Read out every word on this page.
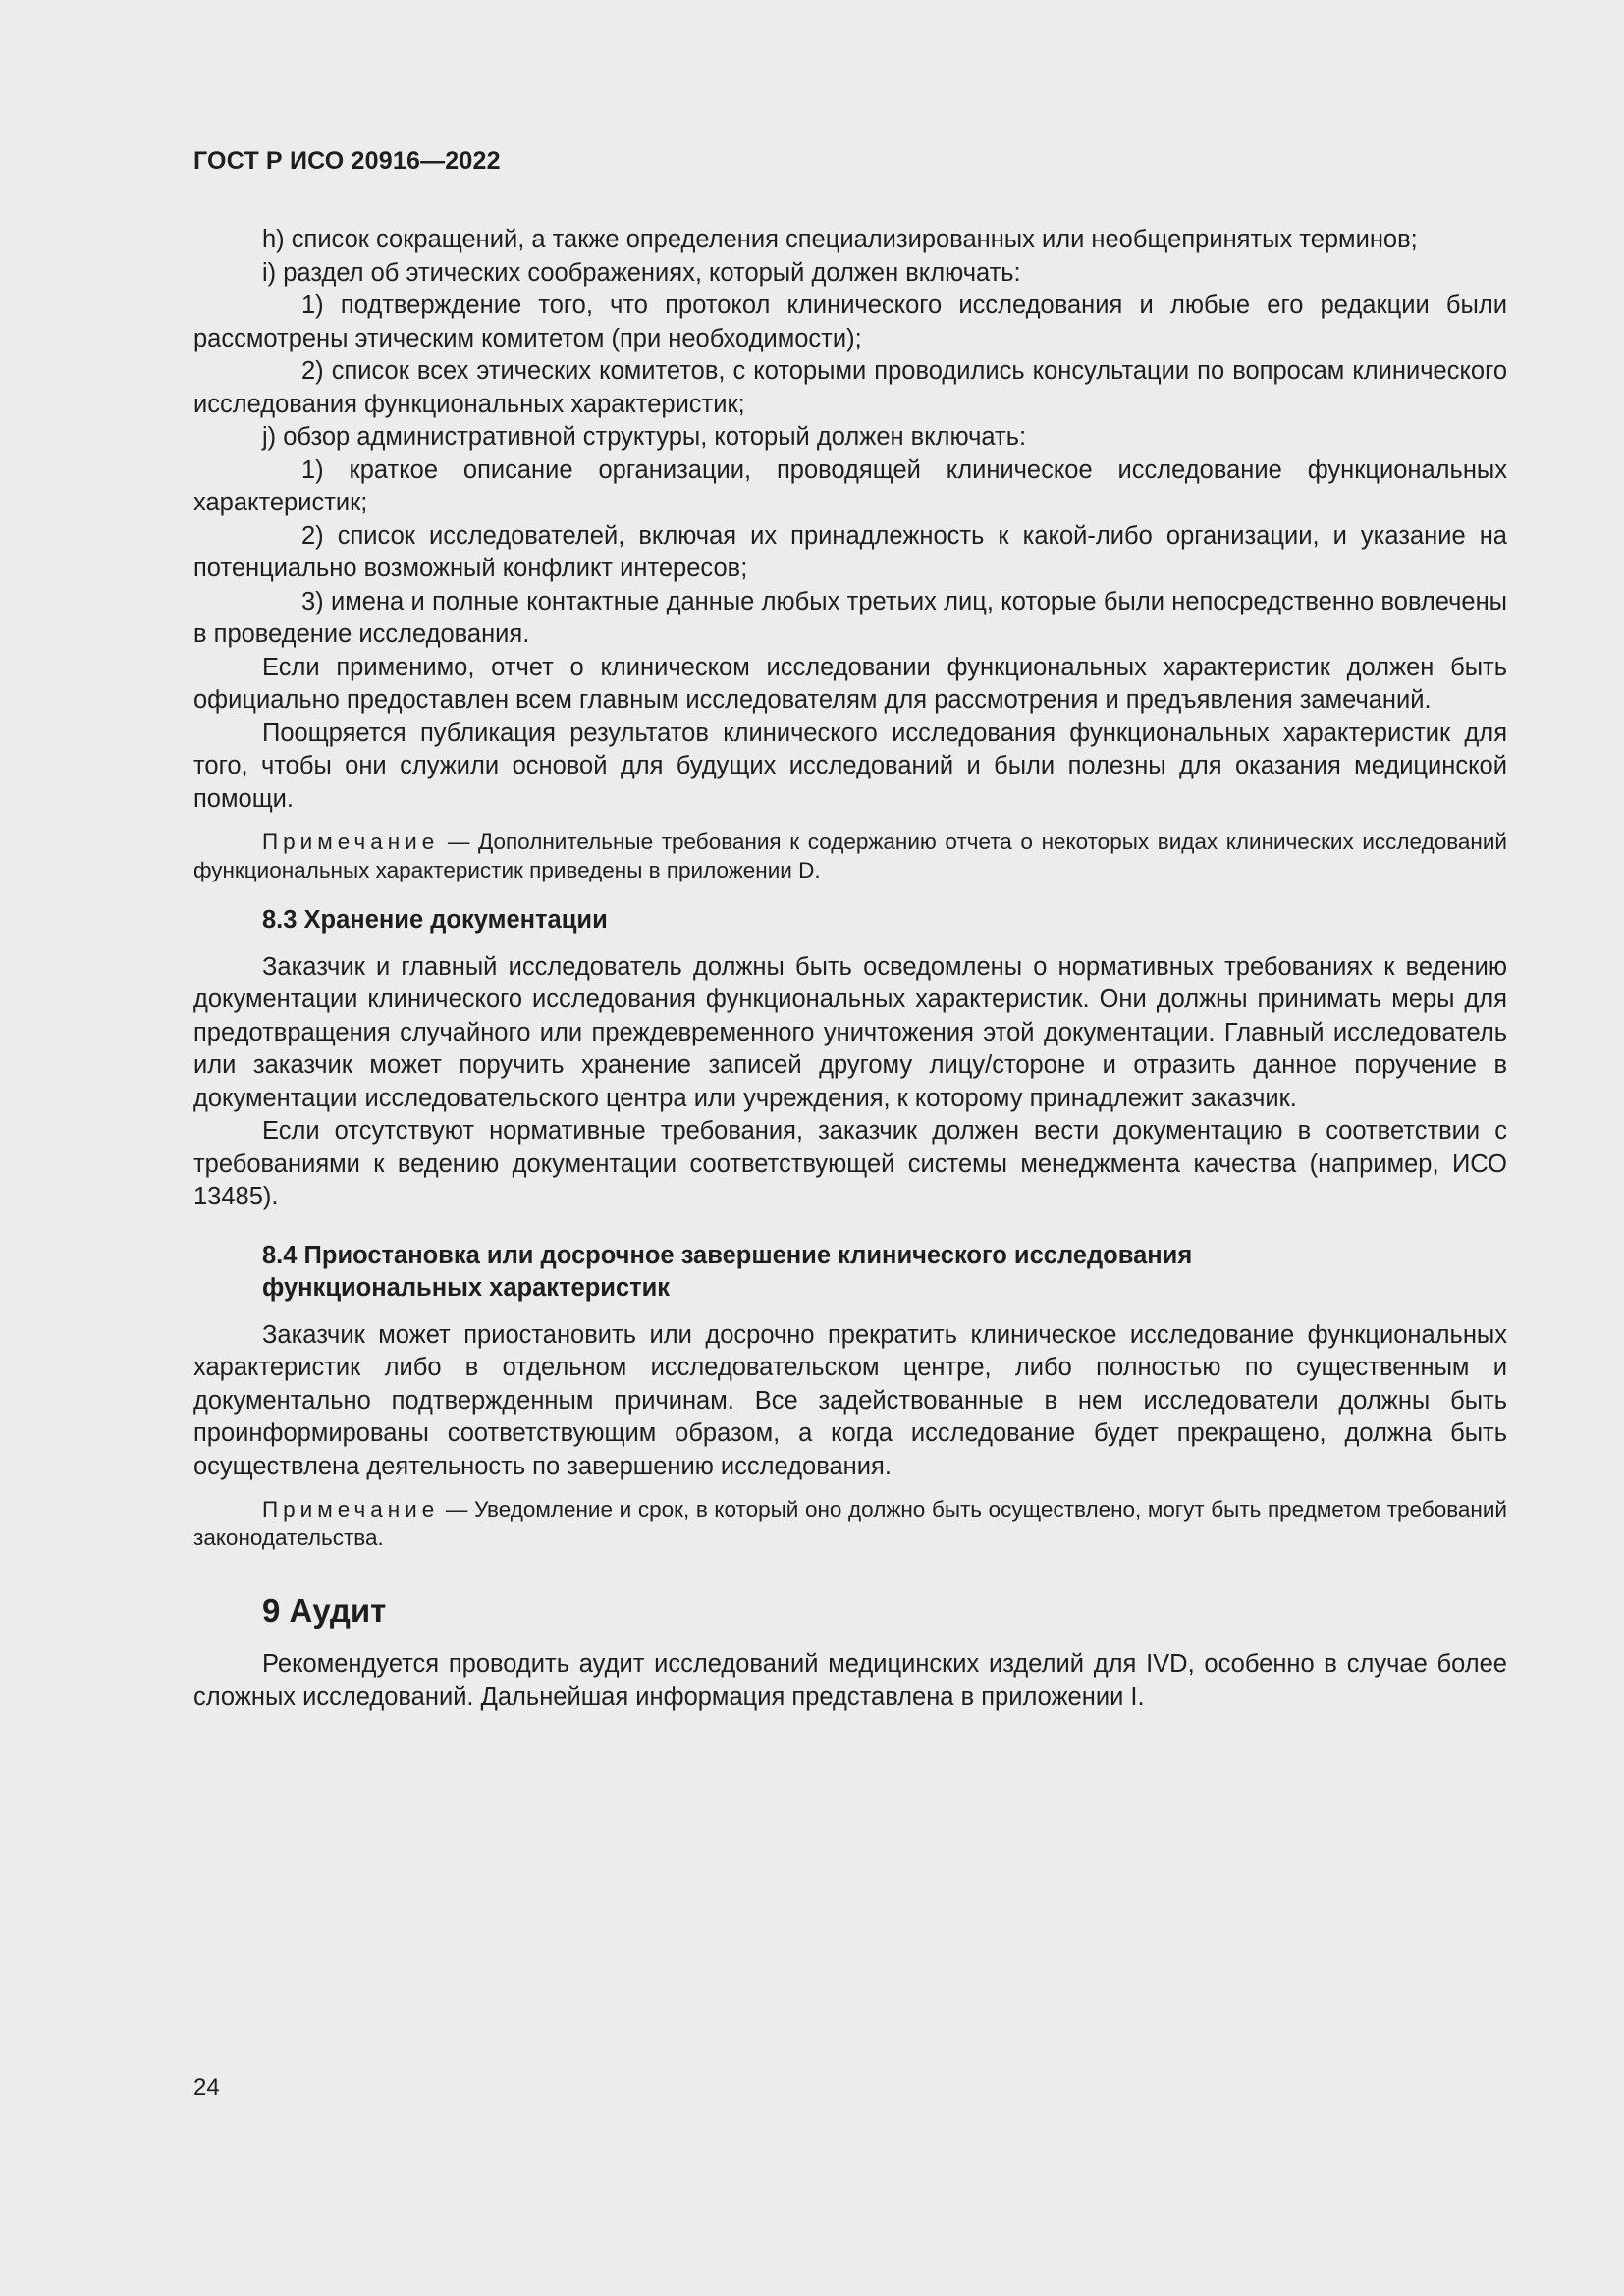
ГОСТ Р ИСО 20916—2022

h) список сокращений, а также определения специализированных или необщепринятых терминов;

i) раздел об этических соображениях, который должен включать:

1) подтверждение того, что протокол клинического исследования и любые его редакции были рассмотрены этическим комитетом (при необходимости);

2) список всех этических комитетов, с которыми проводились консультации по вопросам клинического исследования функциональных характеристик;

j) обзор административной структуры, который должен включать:

1) краткое описание организации, проводящей клиническое исследование функциональных характеристик;

2) список исследователей, включая их принадлежность к какой-либо организации, и указание на потенциально возможный конфликт интересов;

3) имена и полные контактные данные любых третьих лиц, которые были непосредственно вовлечены в проведение исследования.

Если применимо, отчет о клиническом исследовании функциональных характеристик должен быть официально предоставлен всем главным исследователям для рассмотрения и предъявления замечаний.

Поощряется публикация результатов клинического исследования функциональных характеристик для того, чтобы они служили основой для будущих исследований и были полезны для оказания медицинской помощи.

Примечание — Дополнительные требования к содержанию отчета о некоторых видах клинических исследований функциональных характеристик приведены в приложении D.
8.3 Хранение документации

Заказчик и главный исследователь должны быть осведомлены о нормативных требованиях к ведению документации клинического исследования функциональных характеристик. Они должны принимать меры для предотвращения случайного или преждевременного уничтожения этой документации. Главный исследователь или заказчик может поручить хранение записей другому лицу/стороне и отразить данное поручение в документации исследовательского центра или учреждения, к которому принадлежит заказчик.

Если отсутствуют нормативные требования, заказчик должен вести документацию в соответствии с требованиями к ведению документации соответствующей системы менеджмента качества (например, ИСО 13485).

8.4 Приостановка или досрочное завершение клинического исследования
функциональных характеристик

Заказчик может приостановить или досрочно прекратить клиническое исследование функциональных характеристик либо в отдельном исследовательском центре, либо полностью по существенным и документально подтвержденным причинам. Все задействованные в нем исследователи должны быть проинформированы соответствующим образом, а когда исследование будет прекращено, должна быть осуществлена деятельность по завершению исследования.

Примечание — Уведомление и срок, в который оно должно быть осуществлено, могут быть предметом требований законодательства.
9 Аудит

Рекомендуется проводить аудит исследований медицинских изделий для IVD, особенно в случае более сложных исследований. Дальнейшая информация представлена в приложении I.

24
